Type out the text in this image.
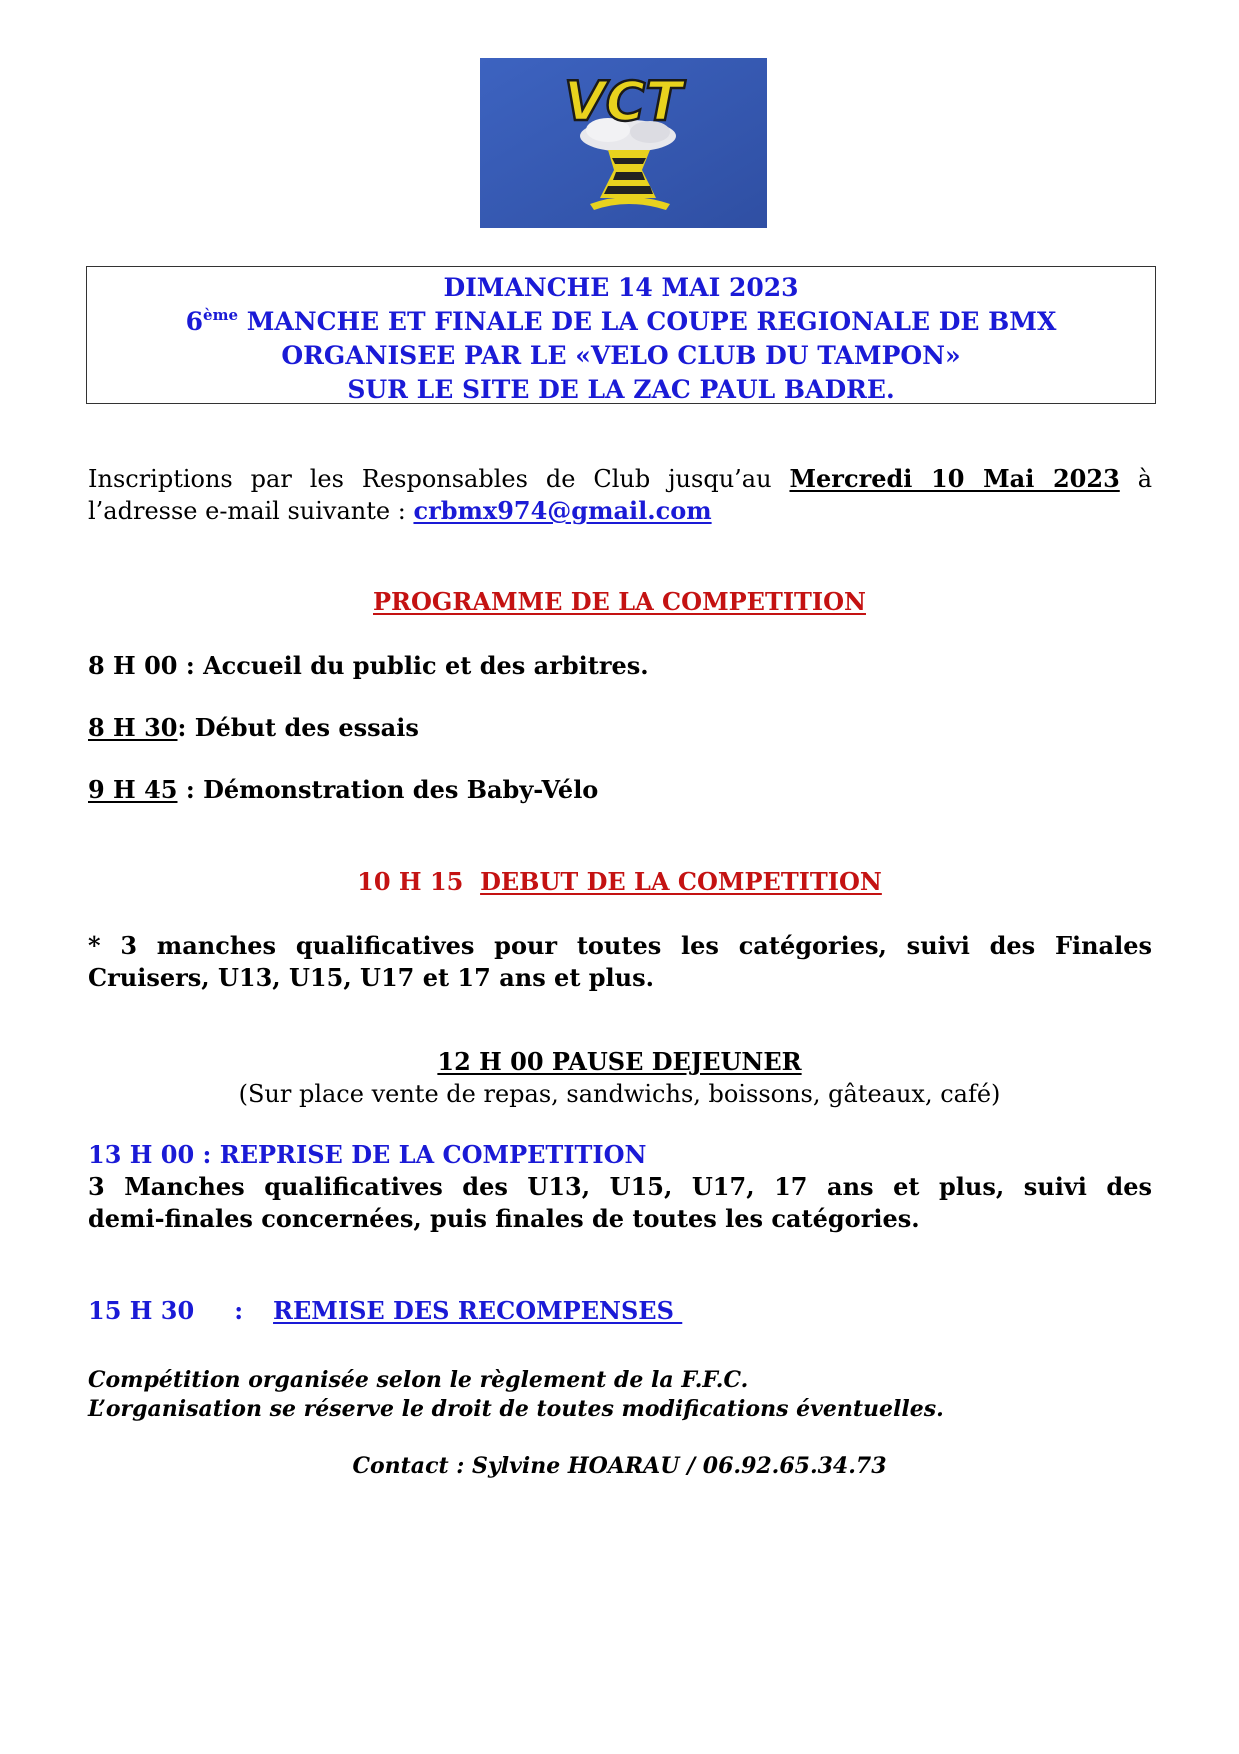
VCT
DIMANCHE 14 MAI 2023
6ème MANCHE ET FINALE DE LA COUPE REGIONALE DE BMX
ORGANISEE PAR LE «VELO CLUB DU TAMPON»
SUR LE SITE DE LA ZAC PAUL BADRE.
Inscriptions par les Responsables de Club jusqu’au Mercredi 10 Mai 2023 à
l’adresse e-mail suivante : crbmx974@gmail.com
PROGRAMME DE LA COMPETITION
8 H 00 : Accueil du public et des arbitres.
8 H 30: Début des essais
9 H 45 : Démonstration des Baby-Vélo
10 H 15  DEBUT DE LA COMPETITION
* 3 manches qualificatives pour toutes les catégories, suivi des Finales
Cruisers, U13, U15, U17 et 17 ans et plus.
12 H 00 PAUSE DEJEUNER
(Sur place vente de repas, sandwichs, boissons, gâteaux, café)
13 H 00 : REPRISE DE LA COMPETITION
3 Manches qualificatives des U13, U15, U17, 17 ans et plus, suivi des
demi-finales concernées, puis finales de toutes les catégories.
15 H 30 : REMISE DES RECOMPENSES
Compétition organisée selon le règlement de la F.F.C.
L’organisation se réserve le droit de toutes modifications éventuelles.
Contact : Sylvine HOARAU / 06.92.65.34.73
